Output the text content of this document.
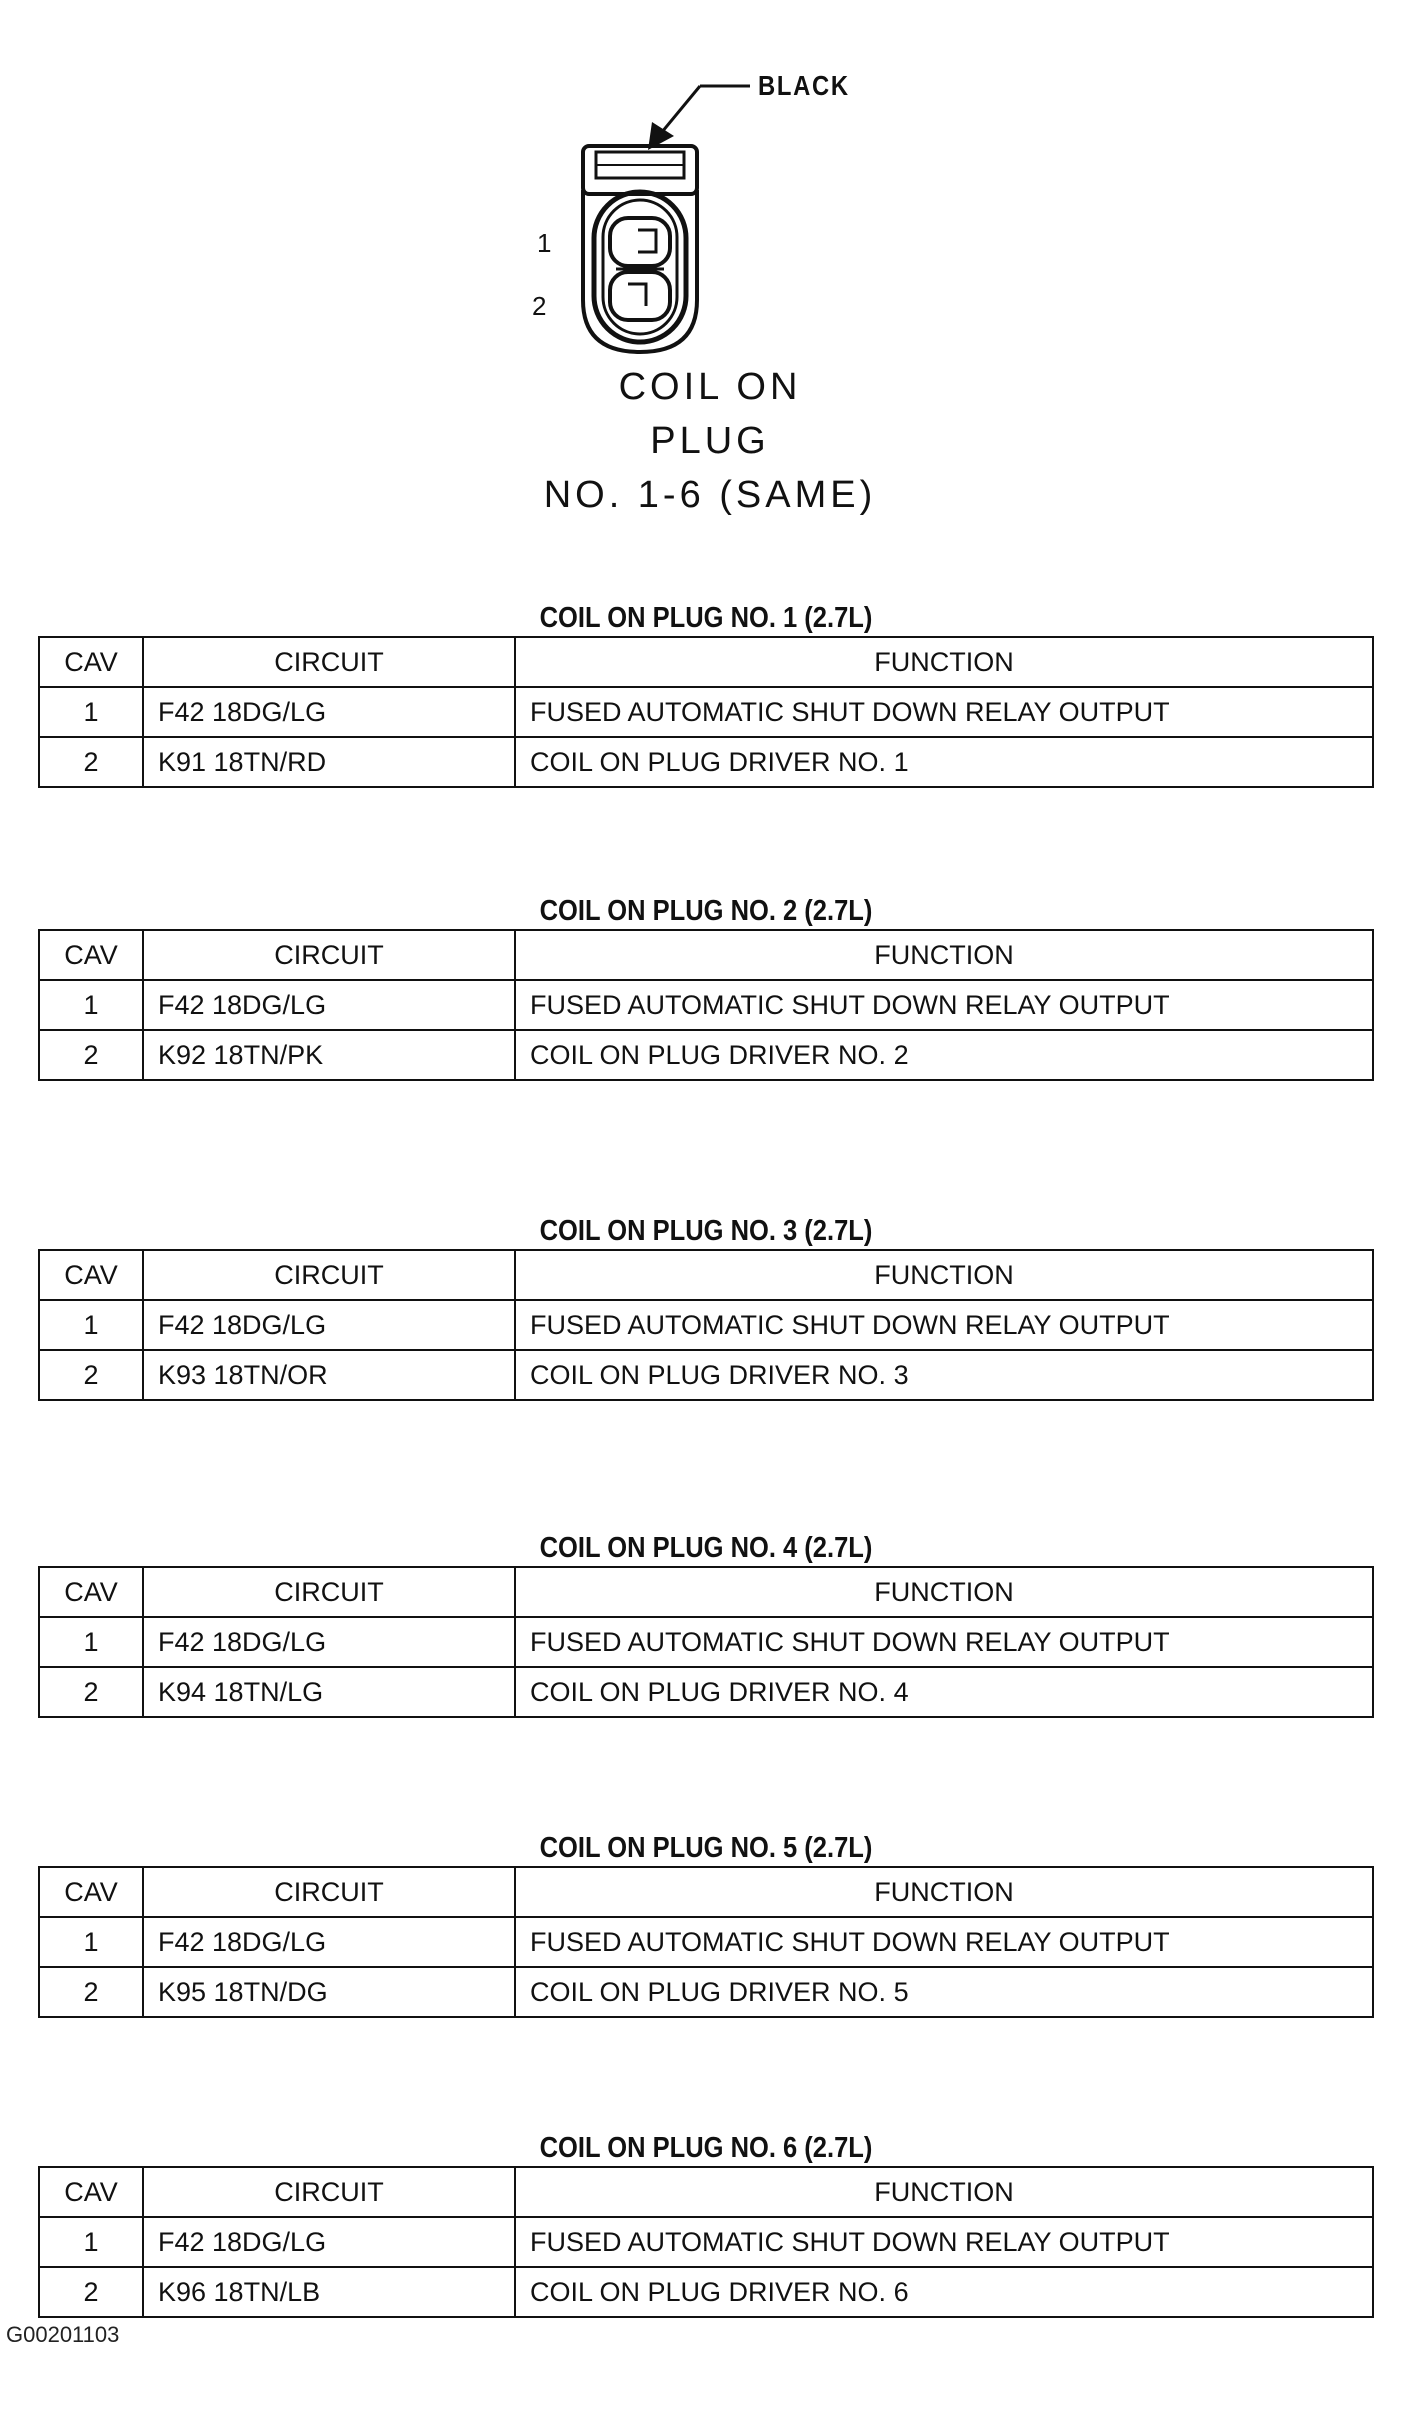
BLACK
1
2
COIL ON
PLUG
NO. 1-6 (SAME)
COIL ON PLUG NO. 1 (2.7L)
CAV	CIRCUIT	FUNCTION
1	F42 18DG/LG	FUSED AUTOMATIC SHUT DOWN RELAY OUTPUT
2	K91 18TN/RD	COIL ON PLUG DRIVER NO. 1
COIL ON PLUG NO. 2 (2.7L)
CAV	CIRCUIT	FUNCTION
1	F42 18DG/LG	FUSED AUTOMATIC SHUT DOWN RELAY OUTPUT
2	K92 18TN/PK	COIL ON PLUG DRIVER NO. 2
COIL ON PLUG NO. 3 (2.7L)
CAV	CIRCUIT	FUNCTION
1	F42 18DG/LG	FUSED AUTOMATIC SHUT DOWN RELAY OUTPUT
2	K93 18TN/OR	COIL ON PLUG DRIVER NO. 3
COIL ON PLUG NO. 4 (2.7L)
CAV	CIRCUIT	FUNCTION
1	F42 18DG/LG	FUSED AUTOMATIC SHUT DOWN RELAY OUTPUT
2	K94 18TN/LG	COIL ON PLUG DRIVER NO. 4
COIL ON PLUG NO. 5 (2.7L)
CAV	CIRCUIT	FUNCTION
1	F42 18DG/LG	FUSED AUTOMATIC SHUT DOWN RELAY OUTPUT
2	K95 18TN/DG	COIL ON PLUG DRIVER NO. 5
COIL ON PLUG NO. 6 (2.7L)
CAV	CIRCUIT	FUNCTION
1	F42 18DG/LG	FUSED AUTOMATIC SHUT DOWN RELAY OUTPUT
2	K96 18TN/LB	COIL ON PLUG DRIVER NO. 6
G00201103
